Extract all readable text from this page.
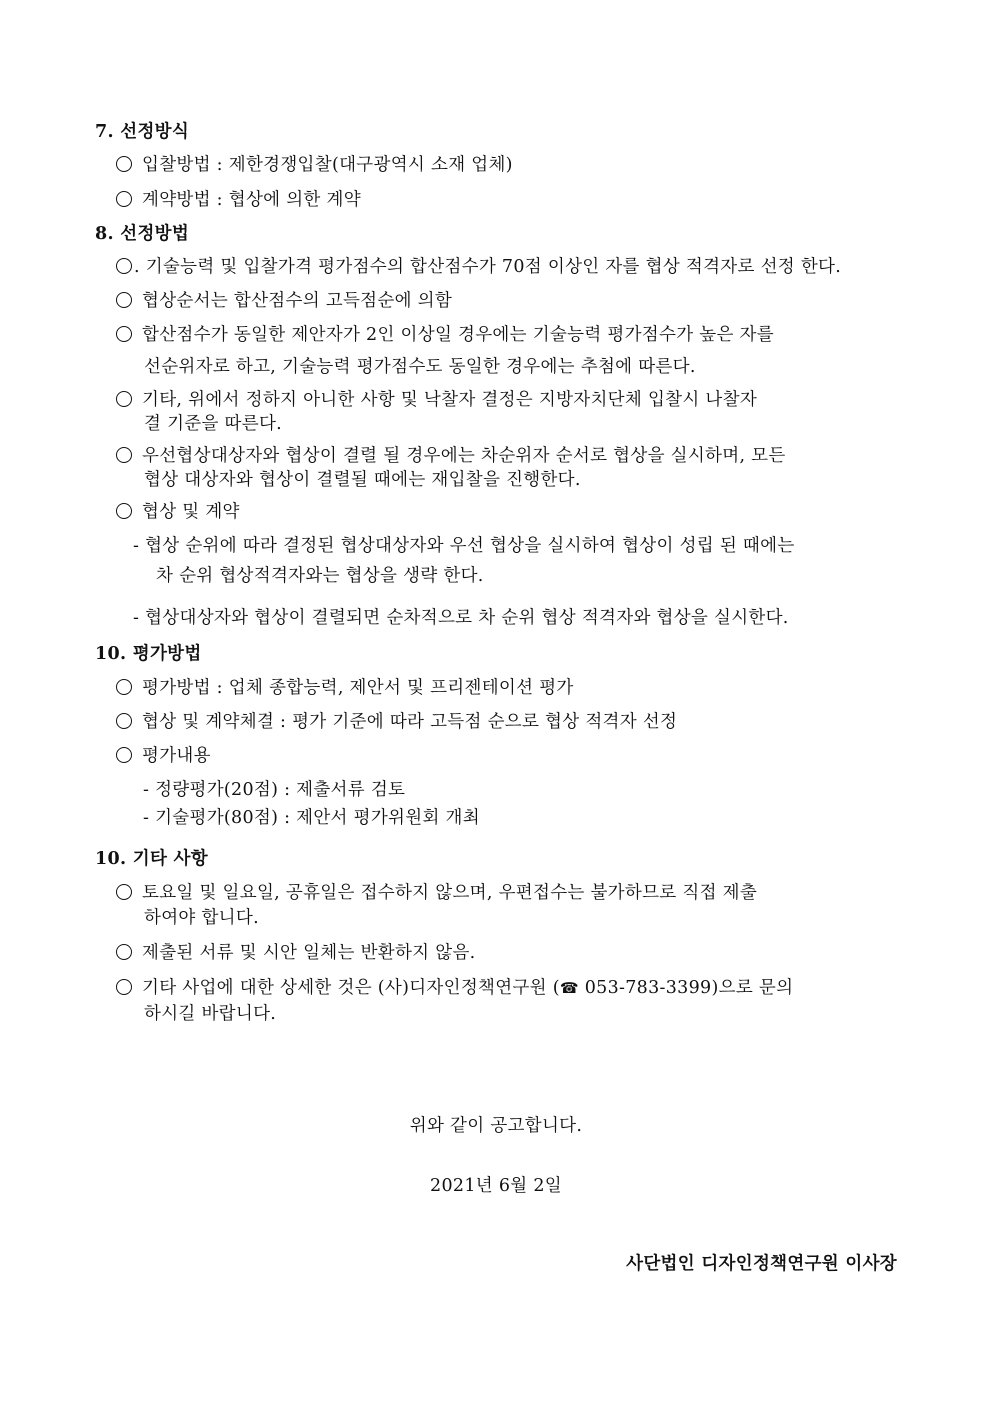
7. 선정방식
입찰방법 : 제한경쟁입찰(대구광역시 소재 업체)
계약방법 : 협상에 의한 계약
8. 선정방법
. 기술능력 및 입찰가격 평가점수의 합산점수가 70점 이상인 자를 협상 적격자로 선정 한다.
협상순서는 합산점수의 고득점순에 의함
합산점수가 동일한 제안자가 2인 이상일 경우에는 기술능력 평가점수가 높은 자를
선순위자로 하고, 기술능력 평가점수도 동일한 경우에는 추첨에 따른다.
기타, 위에서 정하지 아니한 사항 및 낙찰자 결정은 지방자치단체 입찰시 나찰자
결 기준을 따른다.
우선협상대상자와 협상이 결렬 될 경우에는 차순위자 순서로 협상을 실시하며, 모든
협상 대상자와 협상이 결렬될 때에는 재입찰을 진행한다.
협상 및 계약
- 협상 순위에 따라 결정된 협상대상자와 우선 협상을 실시하여 협상이 성립 된 때에는
차 순위 협상적격자와는 협상을 생략 한다.
- 협상대상자와 협상이 결렬되면 순차적으로 차 순위 협상 적격자와 협상을 실시한다.
10. 평가방법
평가방법 : 업체 종합능력, 제안서 및 프리젠테이션 평가
협상 및 계약체결 : 평가 기준에 따라 고득점 순으로 협상 적격자 선정
평가내용
- 정량평가(20점) : 제출서류 검토
- 기술평가(80점) : 제안서 평가위원회 개최
10. 기타 사항
토요일 및 일요일, 공휴일은 접수하지 않으며, 우편접수는 불가하므로 직접 제출
하여야 합니다.
제출된 서류 및 시안 일체는 반환하지 않음.
기타 사업에 대한 상세한 것은 (사)디자인정책연구원 (☎ 053-783-3399)으로 문의
하시길 바랍니다.
위와 같이 공고합니다.
2021년 6월 2일
사단법인 디자인정책연구원 이사장
